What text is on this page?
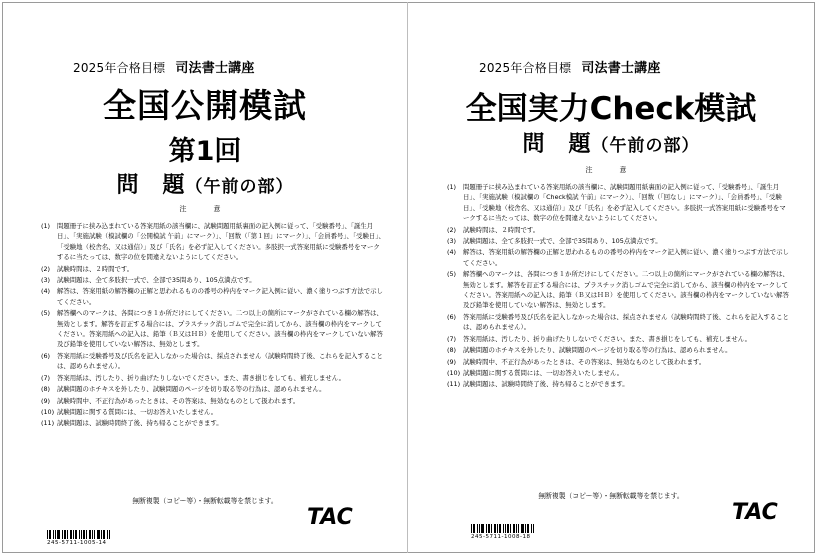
2025年合格目標 司法書士講座
全国公開模試
第1回
問　題（午前の部）
注　意
(1) 問題冊子に挟み込まれている答案用紙の該当欄に、試験問題用紙裏面の記入例に従って、「受験番号」、「誕生月日」、「実施試験（模試欄の「公開模試 午前」にマーク）」、「回数（「第１回」にマーク）」、「会員番号」、「受験日」、「受験地（校舎名、又は通信）」及び「氏名」を必ず記入してください。多肢択一式答案用紙に受験番号をマークするに当たっては、数字の位を間違えないようにしてください。
(2) 試験時間は、２時間です。
(3) 試験問題は、全て多肢択一式で、全部で35問あり、105点満点です。
(4) 解答は、答案用紙の解答欄の正解と思われるものの番号の枠内をマーク記入例に従い、濃く塗りつぶす方法で示してください。
(5) 解答欄へのマークは、各問につき１か所だけにしてください。二つ以上の箇所にマークがされている欄の解答は、無効とします。解答を訂正する場合には、プラスチック消しゴムで完全に消してから、該当欄の枠内をマークしてください。答案用紙への記入は、鉛筆（Ｂ又はＨＢ）を使用してください。該当欄の枠内をマークしていない解答及び鉛筆を使用していない解答は、無効とします。
(6) 答案用紙に受験番号及び氏名を記入しなかった場合は、採点されません（試験時間終了後、これらを記入することは、認められません）。
(7) 答案用紙は、汚したり、折り曲げたりしないでください。また、書き損じをしても、補充しません。
(8) 試験問題のホチキスを外したり、試験問題のページを切り取る等の行為は、認められません。
(9) 試験時間中、不正行為があったときは、その答案は、無効なものとして扱われます。
(10) 試験問題に関する質問には、一切お答えいたしません。
(11) 試験問題は、試験時間終了後、持ち帰ることができます。
無断複製（コピー等）・無断転載等を禁じます。
TAC
245-5711-1005-14
2025年合格目標 司法書士講座
全国実力Check模試
問　題（午前の部）
注　意
(1) 問題冊子に挟み込まれている答案用紙の該当欄に、試験問題用紙裏面の記入例に従って、「受験番号」、「誕生月日」、「実施試験（模試欄の「Check模試 午前」にマーク）」、「回数（「回なし」にマーク）」、「会員番号」、「受験日」、「受験地（校舎名、又は通信）」及び「氏名」を必ず記入してください。多肢択一式答案用紙に受験番号をマークするに当たっては、数字の位を間違えないようにしてください。
(2) 試験時間は、２時間です。
(3) 試験問題は、全て多肢択一式で、全部で35問あり、105点満点です。
(4) 解答は、答案用紙の解答欄の正解と思われるものの番号の枠内をマーク記入例に従い、濃く塗りつぶす方法で示してください。
(5) 解答欄へのマークは、各問につき１か所だけにしてください。二つ以上の箇所にマークがされている欄の解答は、無効とします。解答を訂正する場合には、プラスチック消しゴムで完全に消してから、該当欄の枠内をマークしてください。答案用紙への記入は、鉛筆（Ｂ又はＨＢ）を使用してください。該当欄の枠内をマークしていない解答及び鉛筆を使用していない解答は、無効とします。
(6) 答案用紙に受験番号及び氏名を記入しなかった場合は、採点されません（試験時間終了後、これらを記入することは、認められません）。
(7) 答案用紙は、汚したり、折り曲げたりしないでください。また、書き損じをしても、補充しません。
(8) 試験問題のホチキスを外したり、試験問題のページを切り取る等の行為は、認められません。
(9) 試験時間中、不正行為があったときは、その答案は、無効なものとして扱われます。
(10) 試験問題に関する質問には、一切お答えいたしません。
(11) 試験問題は、試験時間終了後、持ち帰ることができます。
無断複製（コピー等）・無断転載等を禁じます。
TAC
245-5711-1008-18
